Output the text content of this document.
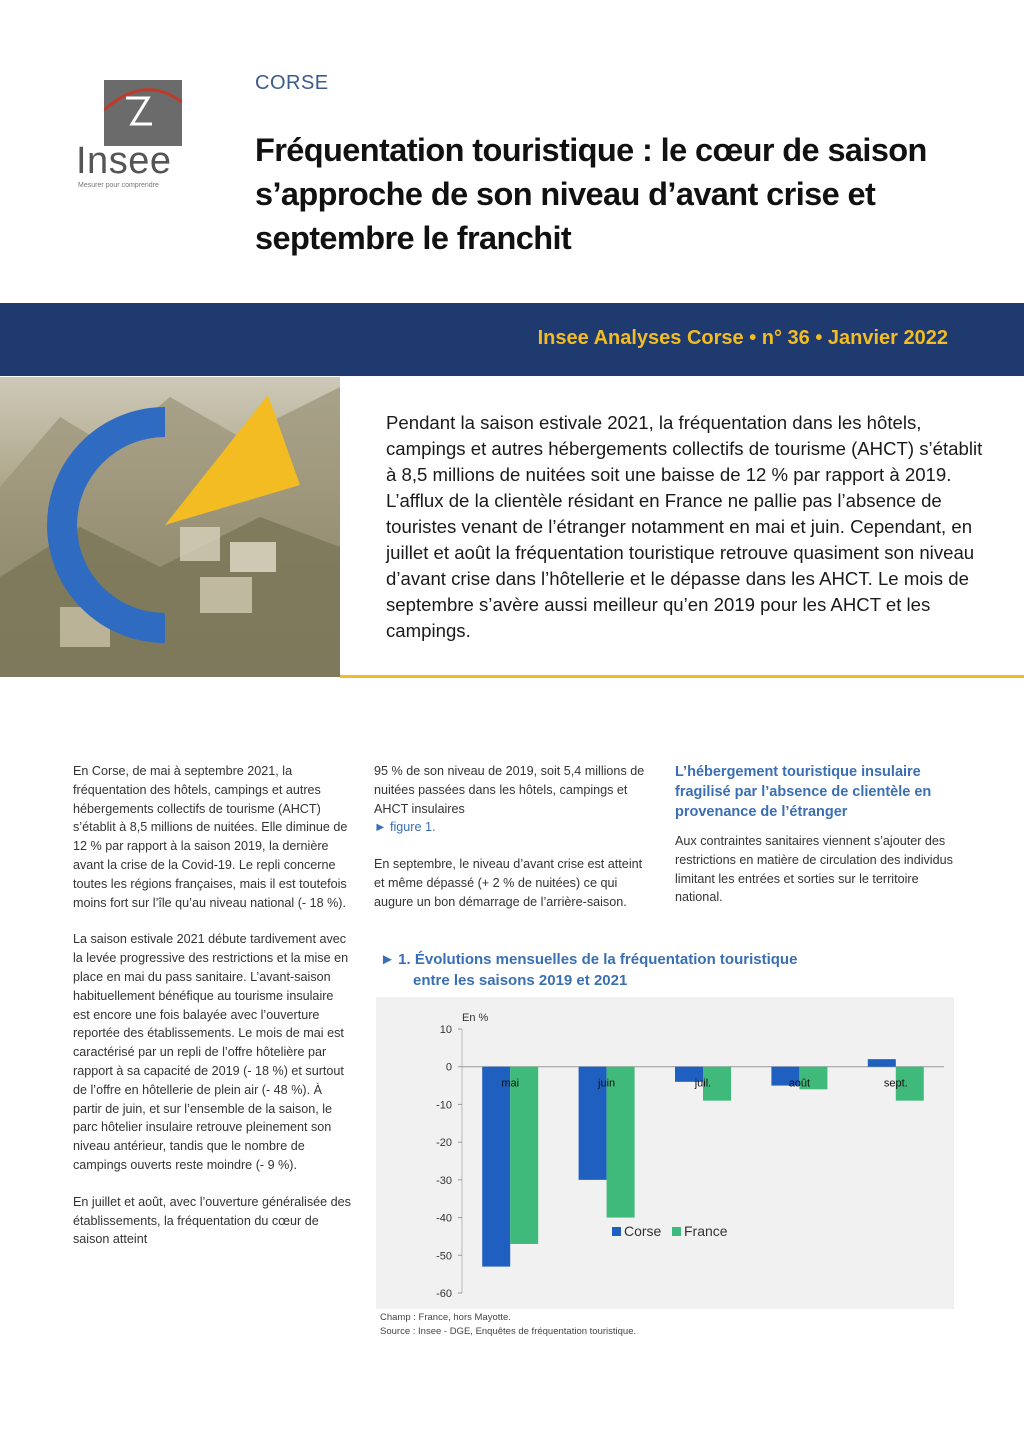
Insee
Mesurer pour comprendre
CORSE
Fréquentation touristique : le cœur de saison s’approche de son niveau d’avant crise et septembre le franchit
Insee Analyses Corse • n° 36 • Janvier 2022
Pendant la saison estivale 2021, la fréquentation dans les hôtels, campings et autres hébergements collectifs de tourisme (AHCT) s’établit à 8,5 millions de nuitées soit une baisse de 12 % par rapport à 2019. L’afflux de la clientèle résidant en France ne pallie pas l’absence de touristes venant de l’étranger notamment en mai et juin. Cependant, en juillet et août la fréquentation touristique retrouve quasiment son niveau d’avant crise dans l’hôtellerie et le dépasse dans les AHCT. Le mois de septembre s’avère aussi meilleur qu’en 2019 pour les AHCT et les campings.

En Corse, de mai à septembre 2021, la fréquentation des hôtels, campings et autres hébergements collectifs de tourisme (AHCT) s’établit à 8,5 millions de nuitées. Elle diminue de 12 % par rapport à la saison 2019, la dernière avant la crise de la Covid-19. Le repli concerne toutes les régions françaises, mais il est toutefois moins fort sur l’île qu’au niveau national (- 18 %).

La saison estivale 2021 débute tardivement avec la levée progressive des restrictions et la mise en place en mai du pass sanitaire. L’avant-saison habituellement bénéfique au tourisme insulaire est encore une fois balayée avec l’ouverture reportée des établissements. Le mois de mai est caractérisé par un repli de l’offre hôtelière par rapport à sa capacité de 2019 (- 18 %) et surtout de l’offre en hôtellerie de plein air (- 48 %). À partir de juin, et sur l’ensemble de la saison, le parc hôtelier insulaire retrouve pleinement son niveau antérieur, tandis que le nombre de campings ouverts reste moindre (- 9 %).

En juillet et août, avec l’ouverture généralisée des établissements, la fréquentation du cœur de saison atteint

95 % de son niveau de 2019, soit 5,4 millions de nuitées passées dans les hôtels, campings et AHCT insulaires
► figure 1.

En septembre, le niveau d’avant crise est atteint et même dépassé (+ 2 % de nuitées) ce qui augure un bon démarrage de l’arrière-saison.

L’hébergement touristique insulaire fragilisé par l’absence de clientèle en provenance de l’étranger

Aux contraintes sanitaires viennent s’ajouter des restrictions en matière de circulation des individus limitant les entrées et sorties sur le territoire national.

► 1. Évolutions mensuelles de la fréquentation touristique
entre les saisons 2019 et 2021
En %
10
0
-10
-20
-30
-40
-50
-60
mai	juin	juil.	août	sept.
Corse France
Champ : France, hors Mayotte.
Source : Insee - DGE, Enquêtes de fréquentation touristique.
